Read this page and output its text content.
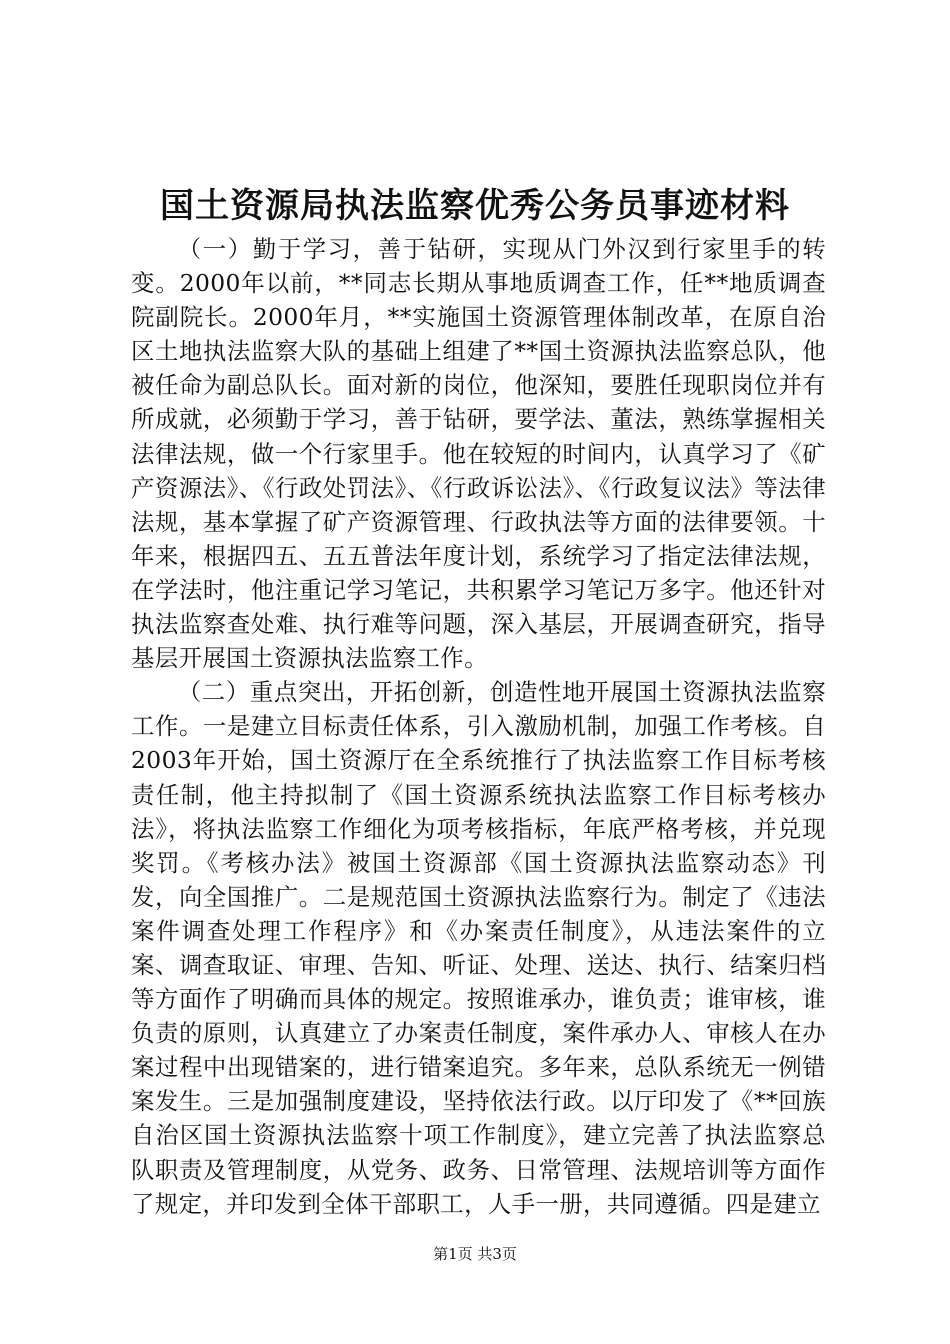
国土资源局执法监察优秀公务员事迹材料

（一）勤于学习，善于钻研，实现从门外汉到行家里手的转变。2000年以前，**同志长期从事地质调查工作，任**地质调查院副院长。2000年月，**实施国土资源管理体制改革，在原自治区土地执法监察大队的基础上组建了**国土资源执法监察总队，他被任命为副总队长。面对新的岗位，他深知，要胜任现职岗位并有所成就，必须勤于学习，善于钻研，要学法、董法，熟练掌握相关法律法规，做一个行家里手。他在较短的时间内，认真学习了《矿产资源法》、《行政处罚法》、《行政诉讼法》、《行政复议法》等法律法规，基本掌握了矿产资源管理、行政执法等方面的法律要领。十年来，根据四五、五五普法年度计划，系统学习了指定法律法规，在学法时，他注重记学习笔记，共积累学习笔记万多字。他还针对执法监察查处难、执行难等问题，深入基层，开展调查研究，指导基层开展国土资源执法监察工作。

（二）重点突出，开拓创新，创造性地开展国土资源执法监察工作。一是建立目标责任体系，引入激励机制，加强工作考核。自2003年开始，国土资源厅在全系统推行了执法监察工作目标考核责任制，他主持拟制了《国土资源系统执法监察工作目标考核办法》，将执法监察工作细化为项考核指标，年底严格考核，并兑现奖罚。《考核办法》被国土资源部《国土资源执法监察动态》刊发，向全国推广。二是规范国土资源执法监察行为。制定了《违法案件调查处理工作程序》和《办案责任制度》，从违法案件的立案、调查取证、审理、告知、听证、处理、送达、执行、结案归档等方面作了明确而具体的规定。按照谁承办，谁负责；谁审核，谁负责的原则，认真建立了办案责任制度，案件承办人、审核人在办案过程中出现错案的，进行错案追究。多年来，总队系统无一例错案发生。三是加强制度建设，坚持依法行政。以厅印发了《**回族自治区国土资源执法监察十项工作制度》，建立完善了执法监察总队职责及管理制度，从党务、政务、日常管理、法规培训等方面作了规定，并印发到全体干部职工，人手一册，共同遵循。四是建立

第1页 共3页
